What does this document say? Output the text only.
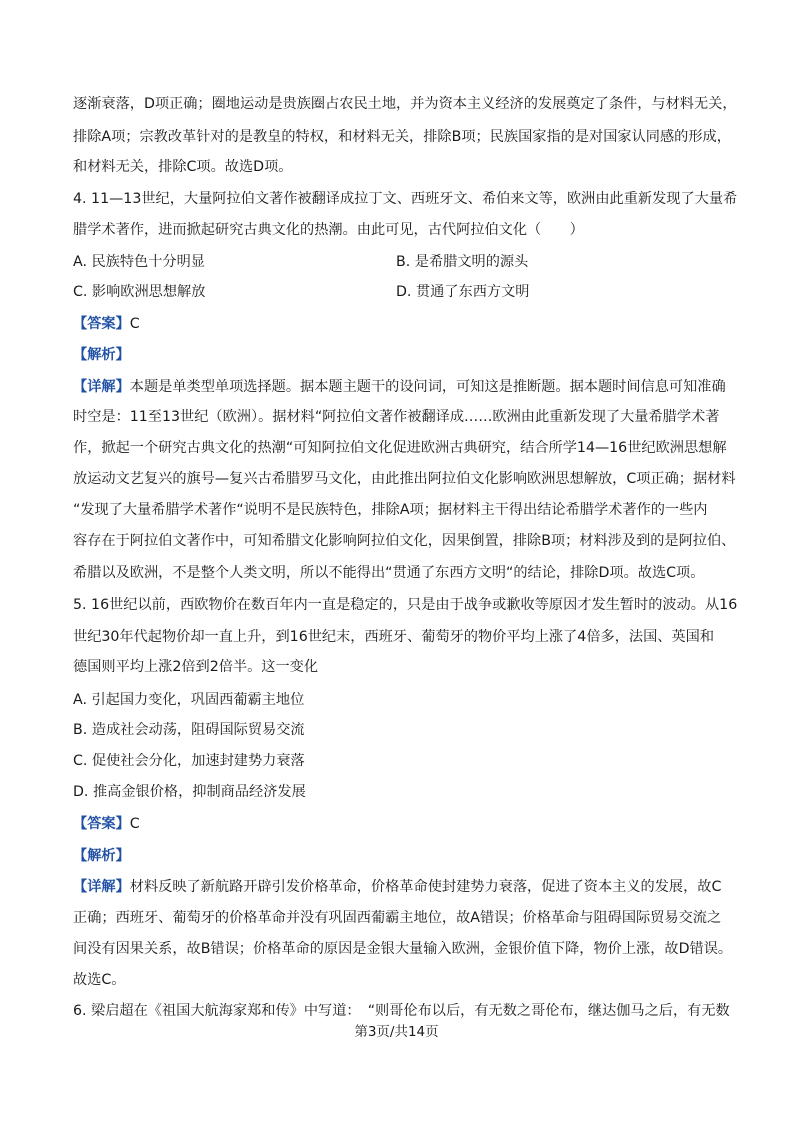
逐渐衰落，D项正确；圈地运动是贵族圈占农民土地，并为资本主义经济的发展奠定了条件，与材料无关，
排除A项；宗教改革针对的是教皇的特权，和材料无关，排除B项；民族国家指的是对国家认同感的形成，
和材料无关，排除C项。故选D项。
4. 11—13世纪，大量阿拉伯文著作被翻译成拉丁文、西班牙文、希伯来文等，欧洲由此重新发现了大量希
腊学术著作，进而掀起研究古典文化的热潮。由此可见，古代阿拉伯文化（　　）
A. 民族特色十分明显	B. 是希腊文明的源头
C. 影响欧洲思想解放	D. 贯通了东西方文明
【答案】C
【解析】
【详解】本题是单类型单项选择题。据本题主题干的设问词，可知这是推断题。据本题时间信息可知准确
时空是：11至13世纪（欧洲）。据材料“阿拉伯文著作被翻译成……欧洲由此重新发现了大量希腊学术著
作，掀起一个研究古典文化的热潮“可知阿拉伯文化促进欧洲古典研究，结合所学14—16世纪欧洲思想解
放运动文艺复兴的旗号—复兴古希腊罗马文化，由此推出阿拉伯文化影响欧洲思想解放，C项正确；据材料
“发现了大量希腊学术著作“说明不是民族特色，排除A项；据材料主干得出结论希腊学术著作的一些内
容存在于阿拉伯文著作中，可知希腊文化影响阿拉伯文化，因果倒置，排除B项；材料涉及到的是阿拉伯、
希腊以及欧洲，不是整个人类文明，所以不能得出“贯通了东西方文明“的结论，排除D项。故选C项。
5. 16世纪以前，西欧物价在数百年内一直是稳定的，只是由于战争或歉收等原因才发生暂时的波动。从16
世纪30年代起物价却一直上升，到16世纪末，西班牙、葡萄牙的物价平均上涨了4倍多，法国、英国和
德国则平均上涨2倍到2倍半。这一变化
A. 引起国力变化，巩固西葡霸主地位
B. 造成社会动荡，阻碍国际贸易交流
C. 促使社会分化，加速封建势力衰落
D. 推高金银价格，抑制商品经济发展
【答案】C
【解析】
【详解】材料反映了新航路开辟引发价格革命，价格革命使封建势力衰落，促进了资本主义的发展，故C
正确；西班牙、葡萄牙的价格革命并没有巩固西葡霸主地位，故A错误；价格革命与阻碍国际贸易交流之
间没有因果关系，故B错误；价格革命的原因是金银大量输入欧洲，金银价值下降，物价上涨，故D错误。
故选C。
6. 梁启超在《祖国大航海家郑和传》中写道：　“则哥伦布以后，有无数之哥伦布，继达伽马之后，有无数
第3页/共14页
